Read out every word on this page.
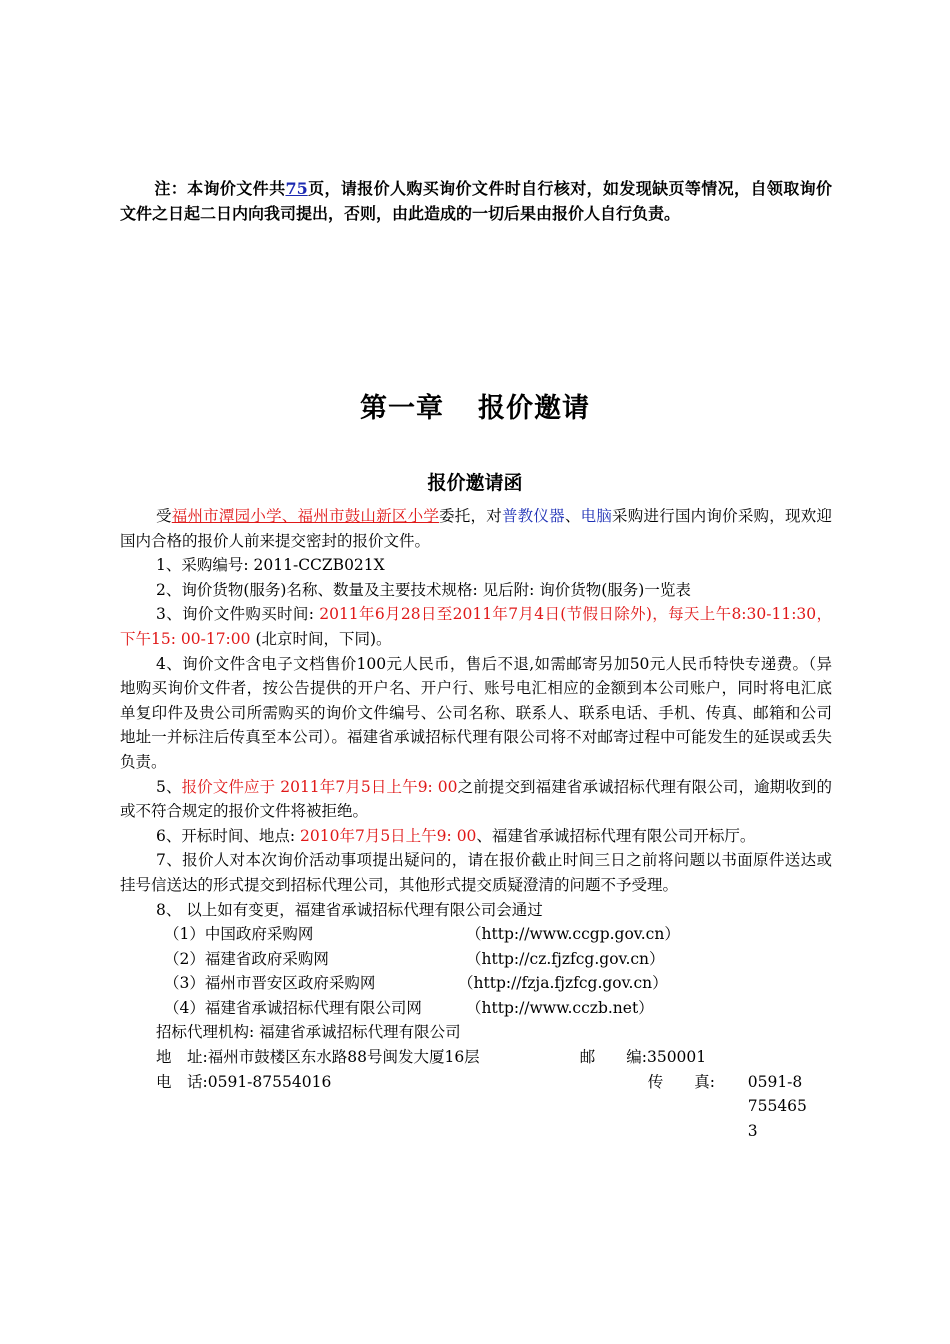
注：本询价文件共75页，请报价人购买询价文件时自行核对，如发现缺页等情况，自领取询价文件之日起二日内向我司提出，否则，由此造成的一切后果由报价人自行负责。

第一章 报价邀请
报价邀请函

受福州市潭园小学、福州市鼓山新区小学委托，对普教仪器、电脑采购进行国内询价采购，现欢迎国内合格的报价人前来提交密封的报价文件。

1、采购编号: 2011-CCZB021X

2、询价货物(服务)名称、数量及主要技术规格: 见后附: 询价货物(服务)一览表

3、询价文件购买时间: 2011年6月28日至2011年7月4日(节假日除外)，每天上午8:30-11:30，下午15: 00-17:00 (北京时间，下同)。

4、询价文件含电子文档售价100元人民币，售后不退,如需邮寄另加50元人民币特快专递费。（异地购买询价文件者，按公告提供的开户名、开户行、账号电汇相应的金额到本公司账户，同时将电汇底单复印件及贵公司所需购买的询价文件编号、公司名称、联系人、联系电话、手机、传真、邮箱和公司地址一并标注后传真至本公司）。福建省承诚招标代理有限公司将不对邮寄过程中可能发生的延误或丢失负责。

5、报价文件应于 2011年7月5日上午9: 00之前提交到福建省承诚招标代理有限公司，逾期收到的或不符合规定的报价文件将被拒绝。

6、开标时间、地点: 2010年7月5日上午9: 00、福建省承诚招标代理有限公司开标厅。

7、报价人对本次询价活动事项提出疑问的，请在报价截止时间三日之前将问题以书面原件送达或挂号信送达的形式提交到招标代理公司，其他形式提交质疑澄清的问题不予受理。

8、 以上如有变更，福建省承诚招标代理有限公司会通过

（1）中国政府采购网	（http://www.ccgp.gov.cn）
（2）福建省政府采购网	（http://cz.fjzfcg.gov.cn）
（3）福州市晋安区政府采购网	（http://fzja.fjzfcg.gov.cn）
（4）福建省承诚招标代理有限公司网	（http://www.cczb.net）
招标代理机构: 福建省承诚招标代理有限公司
地　址: 福州市鼓楼区东水路88号闽发大厦16层	邮　　编: 350001
电　话: 0591-87554016	传　　真:	0591-87554653
